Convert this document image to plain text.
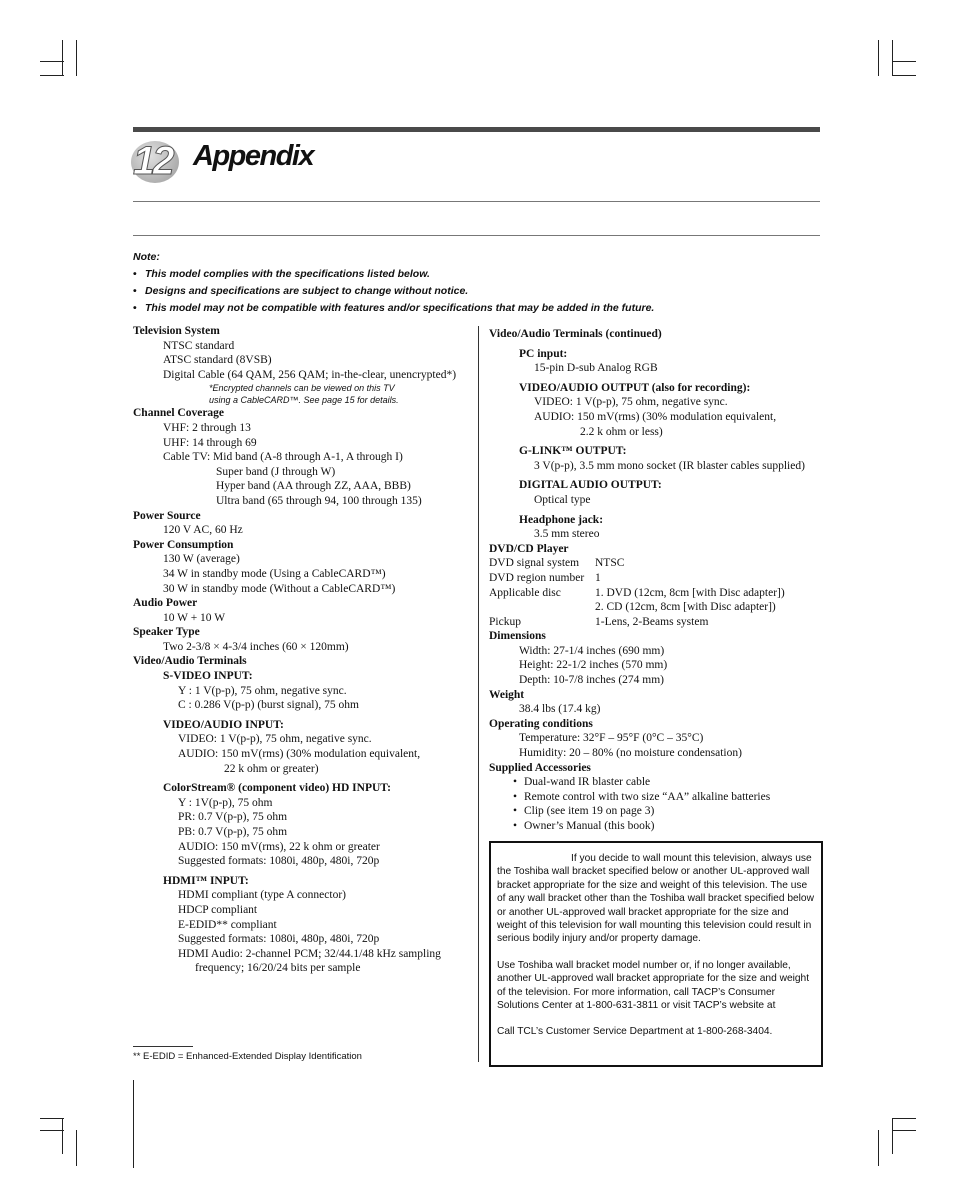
12 Appendix
Note:
• This model complies with the specifications listed below.
• Designs and specifications are subject to change without notice.
• This model may not be compatible with features and/or specifications that may be added in the future.
Television System
NTSC standard
ATSC standard (8VSB)
Digital Cable (64 QAM, 256 QAM; in-the-clear, unencrypted*)
*Encrypted channels can be viewed on this TV
using a CableCARD™. See page 15 for details.
Channel Coverage
VHF: 2 through 13
UHF: 14 through 69
Cable TV: Mid band (A-8 through A-1, A through I)
Super band (J through W)
Hyper band (AA through ZZ, AAA, BBB)
Ultra band (65 through 94, 100 through 135)
Power Source
120 V AC, 60 Hz
Power Consumption
130 W (average)
34 W in standby mode (Using a CableCARD™)
30 W in standby mode (Without a CableCARD™)
Audio Power
10 W + 10 W
Speaker Type
Two 2-3/8 × 4-3/4 inches (60 × 120mm)
Video/Audio Terminals
S-VIDEO INPUT:
Y : 1 V(p-p), 75 ohm, negative sync.
C : 0.286 V(p-p) (burst signal), 75 ohm
VIDEO/AUDIO INPUT:
VIDEO: 1 V(p-p), 75 ohm, negative sync.
AUDIO: 150 mV(rms) (30% modulation equivalent,
22 k ohm or greater)
ColorStream® (component video) HD INPUT:
Y : 1V(p-p), 75 ohm
PR: 0.7 V(p-p), 75 ohm
PB: 0.7 V(p-p), 75 ohm
AUDIO: 150 mV(rms), 22 k ohm or greater
Suggested formats: 1080i, 480p, 480i, 720p
HDMI™ INPUT:
HDMI compliant (type A connector)
HDCP compliant
E-EDID** compliant
Suggested formats: 1080i, 480p, 480i, 720p
HDMI Audio: 2-channel PCM; 32/44.1/48 kHz sampling
frequency; 16/20/24 bits per sample
Video/Audio Terminals (continued)
PC input:
15-pin D-sub Analog RGB
VIDEO/AUDIO OUTPUT (also for recording):
VIDEO: 1 V(p-p), 75 ohm, negative sync.
AUDIO: 150 mV(rms) (30% modulation equivalent,
2.2 k ohm or less)
G-LINK™ OUTPUT:
3 V(p-p), 3.5 mm mono socket (IR blaster cables supplied)
DIGITAL AUDIO OUTPUT:
Optical type
Headphone jack:
3.5 mm stereo
DVD/CD Player
DVD signal system	NTSC
DVD region number 1
Applicable disc	1. DVD (12cm, 8cm [with Disc adapter])
2. CD (12cm, 8cm [with Disc adapter])
Pickup	1-Lens, 2-Beams system
Dimensions
Width: 27-1/4 inches (690 mm)
Height: 22-1/2 inches (570 mm)
Depth: 10-7/8 inches (274 mm)
Weight
38.4 lbs (17.4 kg)
Operating conditions
Temperature: 32°F – 95°F (0°C – 35°C)
Humidity: 20 – 80% (no moisture condensation)
Supplied Accessories
• Dual-wand IR blaster cable
• Remote control with two size “AA” alkaline batteries
• Clip (see item 19 on page 3)
• Owner’s Manual (this book)

If you decide to wall mount this television, always use the Toshiba wall bracket specified below or another UL-approved wall bracket appropriate for the size and weight of this television. The use of any wall bracket other than the Toshiba wall bracket specified below or another UL-approved wall bracket appropriate for the size and weight of this television for wall mounting this television could result in serious bodily injury and/or property damage.

Use Toshiba wall bracket model number or, if no longer available, another UL-approved wall bracket appropriate for the size and weight of the television. For more information, call TACP’s Consumer Solutions Center at 1-800-631-3811 or visit TACP’s website at

Call TCL’s Customer Service Department at 1-800-268-3404.

** E-EDID = Enhanced-Extended Display Identification
